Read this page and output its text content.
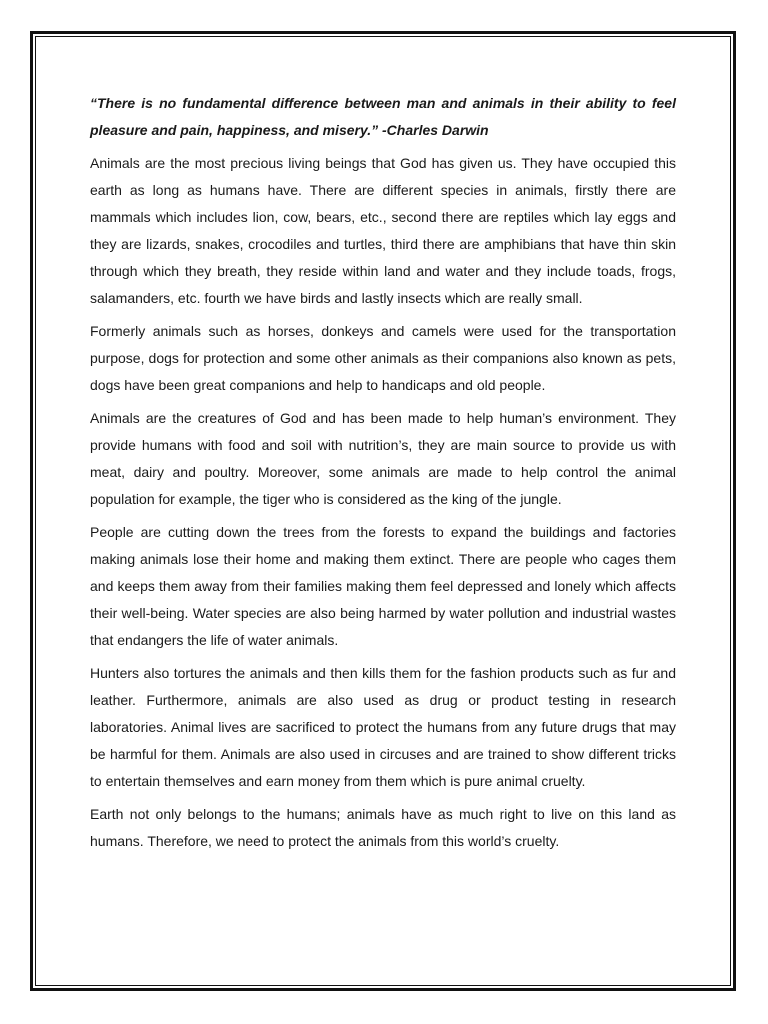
“There is no fundamental difference between man and animals in their ability to feel pleasure and pain, happiness, and misery.” -Charles Darwin

Animals are the most precious living beings that God has given us. They have occupied this earth as long as humans have. There are different species in animals, firstly there are mammals which includes lion, cow, bears, etc., second there are reptiles which lay eggs and they are lizards, snakes, crocodiles and turtles, third there are amphibians that have thin skin through which they breath, they reside within land and water and they include toads, frogs, salamanders, etc. fourth we have birds and lastly insects which are really small.

Formerly animals such as horses, donkeys and camels were used for the transportation purpose, dogs for protection and some other animals as their companions also known as pets, dogs have been great companions and help to handicaps and old people.

Animals are the creatures of God and has been made to help human’s environment. They provide humans with food and soil with nutrition’s, they are main source to provide us with meat, dairy and poultry. Moreover, some animals are made to help control the animal population for example, the tiger who is considered as the king of the jungle.

People are cutting down the trees from the forests to expand the buildings and factories making animals lose their home and making them extinct. There are people who cages them and keeps them away from their families making them feel depressed and lonely which affects their well-being. Water species are also being harmed by water pollution and industrial wastes that endangers the life of water animals.

Hunters also tortures the animals and then kills them for the fashion products such as fur and leather. Furthermore, animals are also used as drug or product testing in research laboratories. Animal lives are sacrificed to protect the humans from any future drugs that may be harmful for them. Animals are also used in circuses and are trained to show different tricks to entertain themselves and earn money from them which is pure animal cruelty.

Earth not only belongs to the humans; animals have as much right to live on this land as humans. Therefore, we need to protect the animals from this world’s cruelty.
